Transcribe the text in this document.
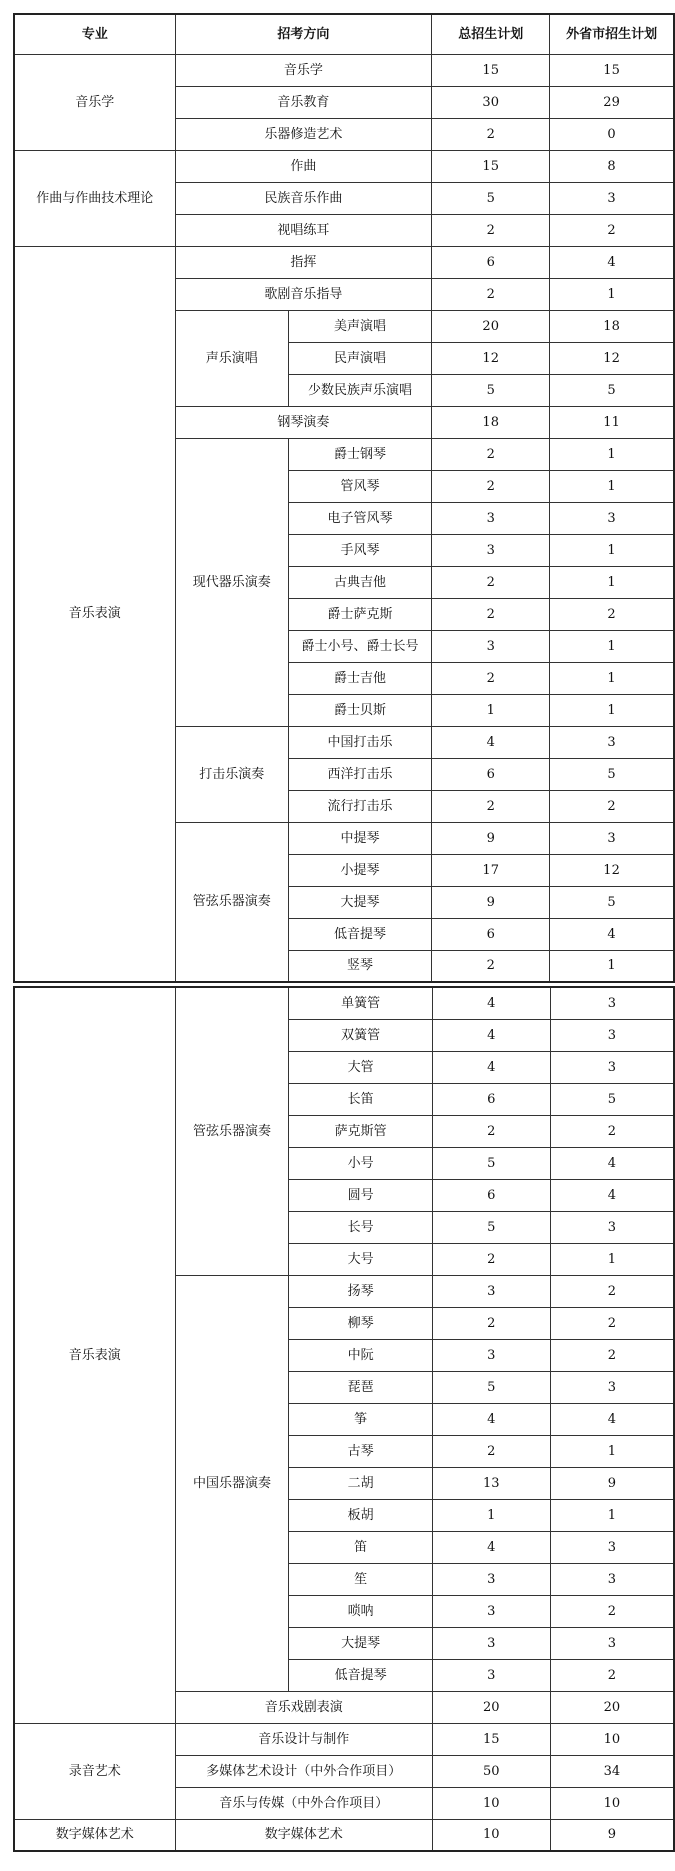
专业	招考方向		总招生计划	外省市招生计划
音乐学	音乐学		15	15
	音乐教育		30	29
	乐器修造艺术		2	0
作曲与作曲技术理论	作曲		15	8
	民族音乐作曲		5	3
	视唱练耳		2	2
音乐表演	指挥		6	4
	歌剧音乐指导		2	1
	声乐演唱	美声演唱	20	18
		民声演唱	12	12
		少数民族声乐演唱	5	5
	钢琴演奏		18	11
	现代器乐演奏	爵士钢琴	2	1
		管风琴	2	1
		电子管风琴	3	3
		手风琴	3	1
		古典吉他	2	1
		爵士萨克斯	2	2
		爵士小号、爵士长号	3	1
		爵士吉他	2	1
		爵士贝斯	1	1
	打击乐演奏	中国打击乐	4	3
		西洋打击乐	6	5
		流行打击乐	2	2
	管弦乐器演奏	中提琴	9	3
		小提琴	17	12
		大提琴	9	5
		低音提琴	6	4
		竖琴	2	1
音乐表演	管弦乐器演奏	单簧管	4	3
		双簧管	4	3
		大管	4	3
		长笛	6	5
		萨克斯管	2	2
		小号	5	4
		圆号	6	4
		长号	5	3
		大号	2	1
	中国乐器演奏	扬琴	3	2
		柳琴	2	2
		中阮	3	2
		琵琶	5	3
		筝	4	4
		古琴	2	1
		二胡	13	9
		板胡	1	1
		笛	4	3
		笙	3	3
		唢呐	3	2
		大提琴	3	3
		低音提琴	3	2
	音乐戏剧表演		20	20
录音艺术	音乐设计与制作		15	10
	多媒体艺术设计（中外合作项目）		50	34
	音乐与传媒（中外合作项目）		10	10
数字媒体艺术	数字媒体艺术		10	9
